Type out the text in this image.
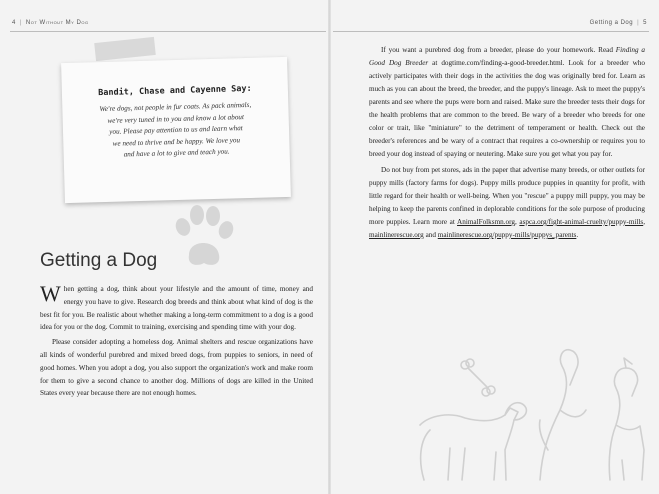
4 | Not Without My Dog	Getting a Dog | 5
Bandit, Chase and Cayenne Say:
We're dogs, not people in fur coats. As pack animals,
we're very tuned in to you and know a lot about
you. Please pay attention to us and learn what
we need to thrive and be happy. We love you
and have a lot to give and teach you.
Getting a Dog

When getting a dog, think about your lifestyle and the amount of time, money and energy you have to give. Research dog breeds and think about what kind of dog is the best fit for you. Be realistic about whether making a long-term commitment to a dog is a good idea for you or the dog. Commit to training, exercising and spending time with your dog.

Please consider adopting a homeless dog. Animal shelters and rescue organizations have all kinds of wonderful purebred and mixed breed dogs, from puppies to seniors, in need of good homes. When you adopt a dog, you also support the organization's work and make room for them to give a second chance to another dog. Millions of dogs are killed in the United States every year because there are not enough homes.

If you want a purebred dog from a breeder, please do your homework. Read Finding a Good Dog Breeder at dogtime.com/finding-a-good-breeder.html. Look for a breeder who actively participates with their dogs in the activities the dog was originally bred for. Learn as much as you can about the breed, the breeder, and the puppy's lineage. Ask to meet the puppy's parents and see where the pups were born and raised. Make sure the breeder tests their dogs for the health problems that are common to the breed. Be wary of a breeder who breeds for one color or trait, like "miniature" to the detriment of temperament or health. Check out the breeder's references and be wary of a contract that requires a co-ownership or requires you to breed your dog instead of spaying or neutering. Make sure you get what you pay for.

Do not buy from pet stores, ads in the paper that advertise many breeds, or other outlets for puppy mills (factory farms for dogs). Puppy mills produce puppies in quantity for profit, with little regard for their health or well-being. When you "rescue" a puppy mill puppy, you may be helping to keep the parents confined in deplorable conditions for the sole purpose of producing more puppies. Learn more at AnimalFolksmn.org, aspca.org/fight-animal-cruelty/puppy-mills, mainlinerescue.org and mainlinerescue.org/puppy-mills/puppys_parents.
